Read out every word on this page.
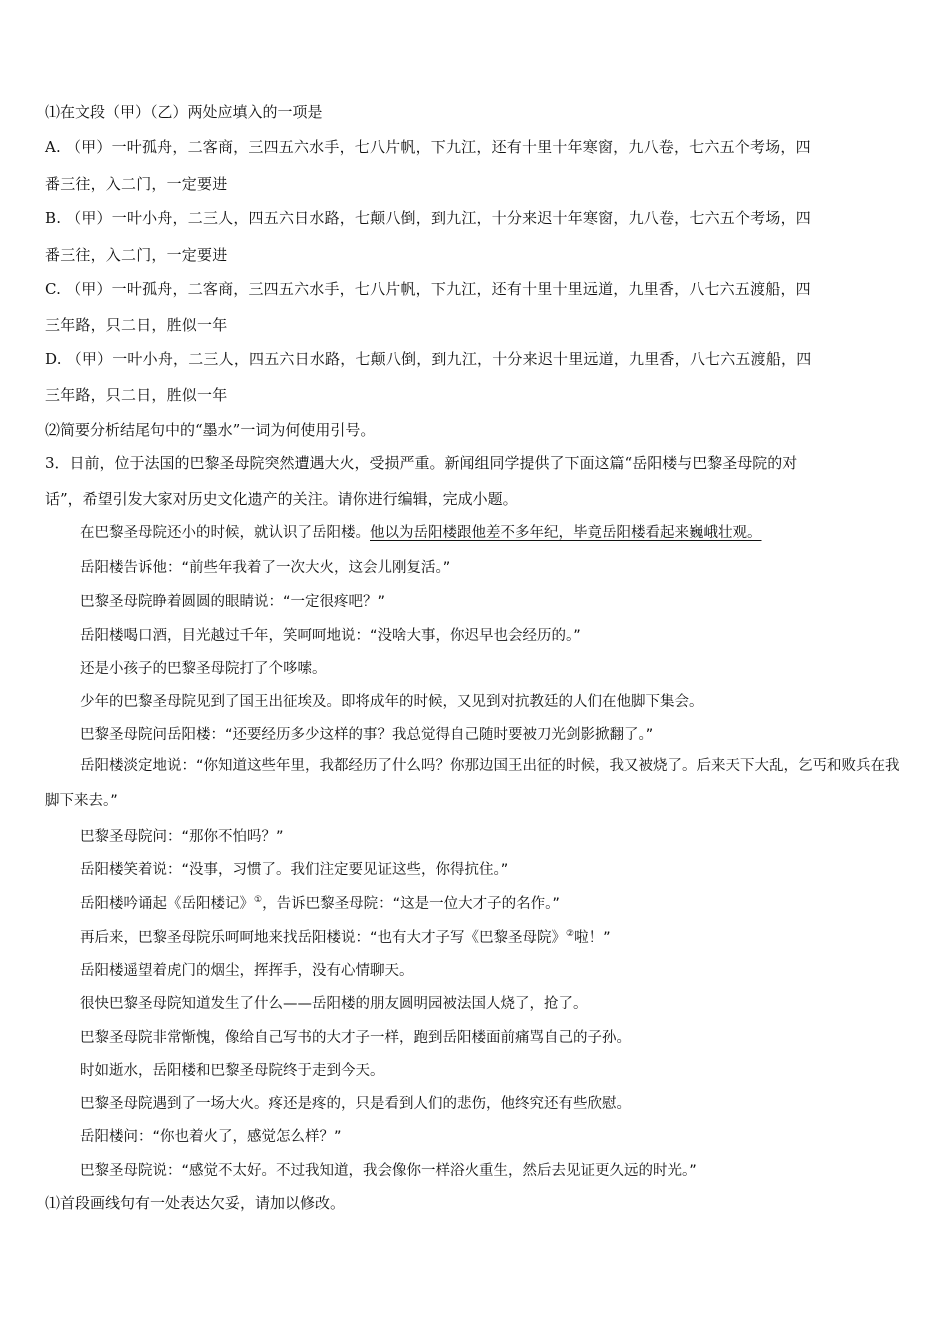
⑴在文段（甲）（乙）两处应填入的一项是
A. （甲）一叶孤舟，二客商，三四五六水手，七八片帆，下九江，还有十里十年寒窗，九八卷，七六五个考场，四
番三往，入二门，一定要进
B. （甲）一叶小舟，二三人，四五六日水路，七颠八倒，到九江，十分来迟十年寒窗，九八卷，七六五个考场，四
番三往，入二门，一定要进
C. （甲）一叶孤舟，二客商，三四五六水手，七八片帆，下九江，还有十里十里远道，九里香，八七六五渡船，四
三年路，只二日，胜似一年
D. （甲）一叶小舟，二三人，四五六日水路，七颠八倒，到九江，十分来迟十里远道，九里香，八七六五渡船，四
三年路，只二日，胜似一年
⑵简要分析结尾句中的“墨水”一词为何使用引号。
3．日前，位于法国的巴黎圣母院突然遭遇大火，受损严重。新闻组同学提供了下面这篇“岳阳楼与巴黎圣母院的对
话”，希望引发大家对历史文化遗产的关注。请你进行编辑，完成小题。
在巴黎圣母院还小的时候，就认识了岳阳楼。他以为岳阳楼跟他差不多年纪，毕竟岳阳楼看起来巍峨壮观。
岳阳楼告诉他：“前些年我着了一次大火，这会儿刚复活。”
巴黎圣母院睁着圆圆的眼睛说：“一定很疼吧？”
岳阳楼喝口酒，目光越过千年，笑呵呵地说：“没啥大事，你迟早也会经历的。”
还是小孩子的巴黎圣母院打了个哆嗦。
少年的巴黎圣母院见到了国王出征埃及。即将成年的时候，又见到对抗教廷的人们在他脚下集会。
巴黎圣母院问岳阳楼：“还要经历多少这样的事？我总觉得自己随时要被刀光剑影掀翻了。”
岳阳楼淡定地说：“你知道这些年里，我都经历了什么吗？你那边国王出征的时候，我又被烧了。后来天下大乱，乞丐和败兵在我脚下来去。”
巴黎圣母院问：“那你不怕吗？”
岳阳楼笑着说：“没事，习惯了。我们注定要见证这些，你得抗住。”
岳阳楼吟诵起《岳阳楼记》①，告诉巴黎圣母院：“这是一位大才子的名作。”
再后来，巴黎圣母院乐呵呵地来找岳阳楼说：“也有大才子写《巴黎圣母院》②啦！”
岳阳楼遥望着虎门的烟尘，挥挥手，没有心情聊天。
很快巴黎圣母院知道发生了什么——岳阳楼的朋友圆明园被法国人烧了，抢了。
巴黎圣母院非常惭愧，像给自己写书的大才子一样，跑到岳阳楼面前痛骂自己的子孙。
时如逝水，岳阳楼和巴黎圣母院终于走到今天。
巴黎圣母院遇到了一场大火。疼还是疼的，只是看到人们的悲伤，他终究还有些欣慰。
岳阳楼问：“你也着火了，感觉怎么样？”
巴黎圣母院说：“感觉不太好。不过我知道，我会像你一样浴火重生，然后去见证更久远的时光。”
⑴首段画线句有一处表达欠妥，请加以修改。
